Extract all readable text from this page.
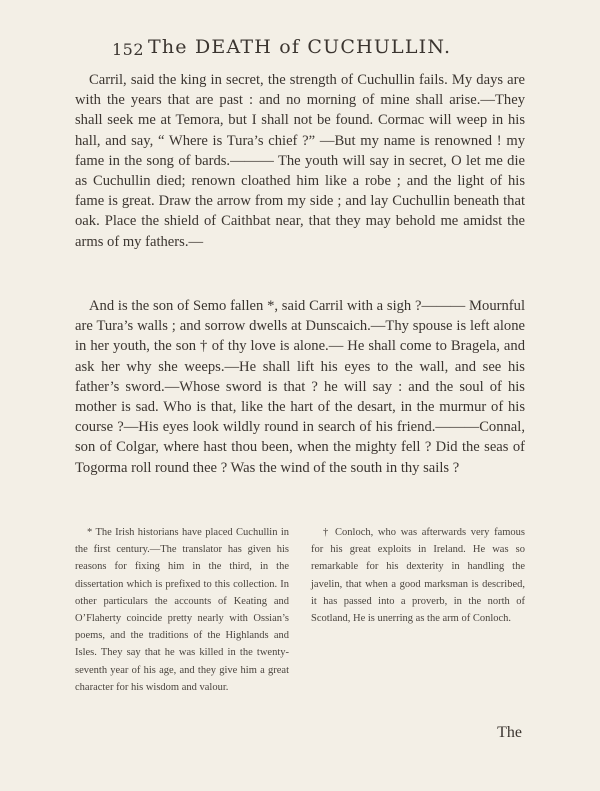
152 The DEATH of CUCHULLIN.

Carril, said the king in secret, the strength of Cuchullin fails. My days are with the years that are past : and no morning of mine shall arise.—They shall seek me at Temora, but I shall not be found. Cormac will weep in his hall, and say, “ Where is Tura’s chief ?” —But my name is renowned ! my fame in the song of bards.——— The youth will say in secret, O let me die as Cuchullin died; renown cloathed him like a robe ; and the light of his fame is great. Draw the arrow from my side ; and lay Cuchullin beneath that oak. Place the shield of Caithbat near, that they may behold me amidst the arms of my fathers.—

And is the son of Semo fallen *, said Carril with a sigh ?——— Mournful are Tura’s walls ; and sorrow dwells at Dunscaich.—Thy spouse is left alone in her youth, the son † of thy love is alone.— He shall come to Bragela, and ask her why she weeps.—He shall lift his eyes to the wall, and see his father’s sword.—Whose sword is that ? he will say : and the soul of his mother is sad. Who is that, like the hart of the desart, in the murmur of his course ?—His eyes look wildly round in search of his friend.———Connal, son of Colgar, where hast thou been, when the mighty fell ? Did the seas of Togorma roll round thee ? Was the wind of the south in thy sails ?

* The Irish historians have placed Cuchullin in the first century.—The translator has given his reasons for fixing him in the third, in the dissertation which is prefixed to this collection. In other particulars the accounts of Keating and O’Flaherty coincide pretty nearly with Ossian’s poems, and the traditions of the Highlands and Isles. They say that he was killed in the twenty-seventh year of his age, and they give him a great character for his wisdom and valour.

† Conloch, who was afterwards very famous for his great exploits in Ireland. He was so remarkable for his dexterity in handling the javelin, that when a good marksman is described, it has passed into a proverb, in the north of Scotland, He is unerring as the arm of Conloch.

The
